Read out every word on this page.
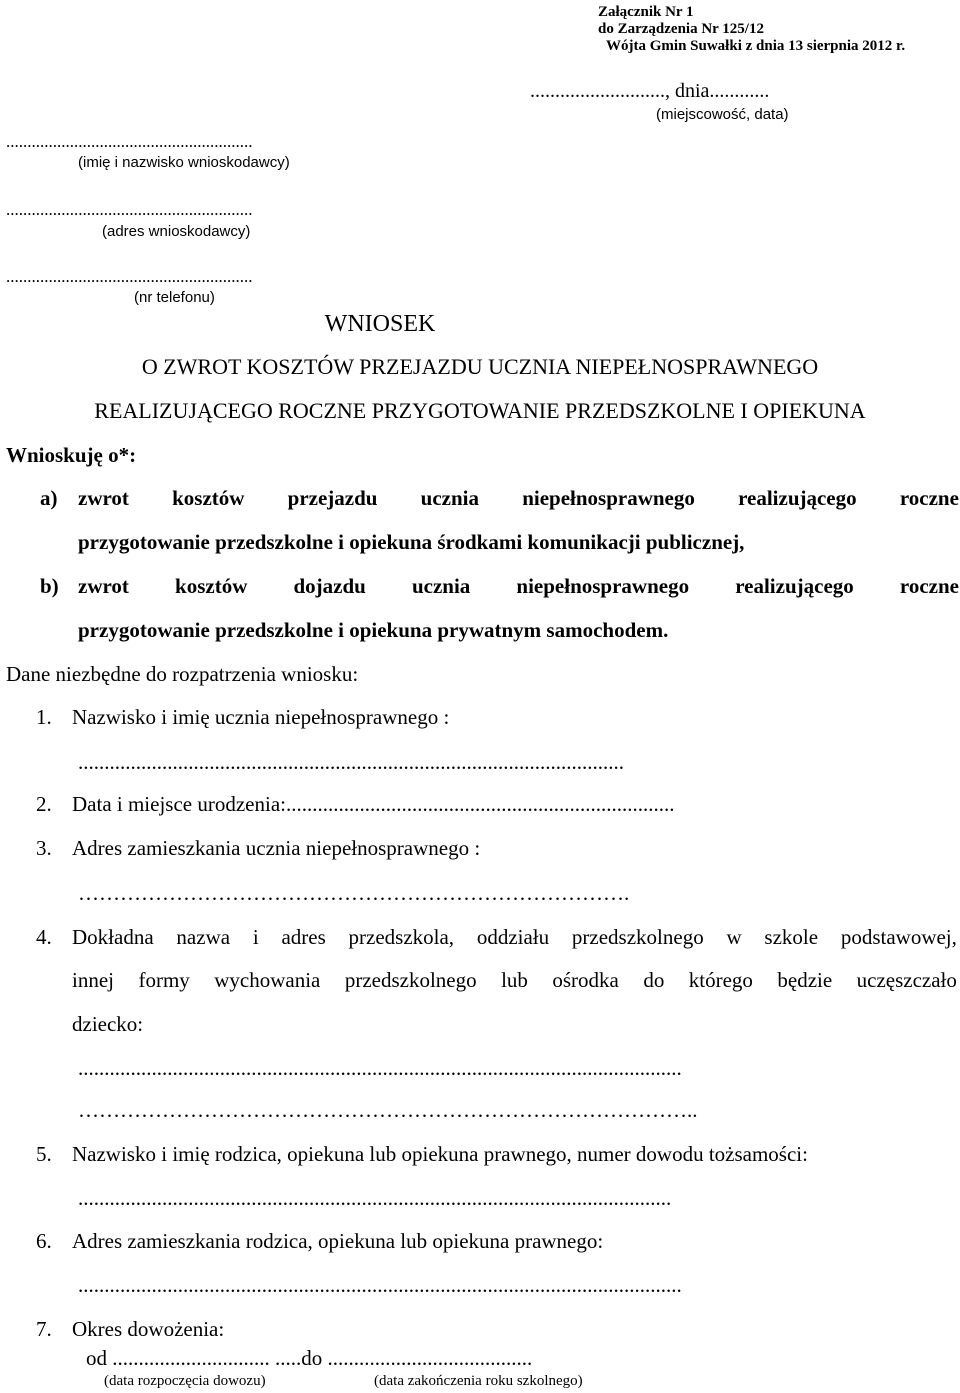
Załącznik Nr 1
do Zarządzenia Nr 125/12
Wójta Gmin Suwałki z dnia 13 sierpnia 2012 r.
..........................., dnia............
(miejscowość, data)
..........................................................
(imię i nazwisko wnioskodawcy)
..........................................................
(adres wnioskodawcy)
..........................................................
(nr telefonu)
WNIOSEK
O ZWROT KOSZTÓW PRZEJAZDU UCZNIA NIEPEŁNOSPRAWNEGO
REALIZUJĄCEGO ROCZNE PRZYGOTOWANIE PRZEDSZKOLNE I OPIEKUNA
Wnioskuję o*:
a) zwrot kosztów przejazdu ucznia niepełnosprawnego realizującego roczne
przygotowanie przedszkolne i opiekuna środkami komunikacji publicznej,
b) zwrot kosztów dojazdu ucznia niepełnosprawnego realizującego roczne
przygotowanie przedszkolne i opiekuna prywatnym samochodem.
Dane niezbędne do rozpatrzenia wniosku:
1. Nazwisko i imię ucznia niepełnosprawnego :
........................................................................................................
2. Data i miejsce urodzenia:..........................................................................
3. Adres zamieszkania ucznia niepełnosprawnego :
…………………………………………………………………….
4. Dokładna nazwa i adres przedszkola, oddziału przedszkolnego w szkole podstawowej,
innej formy wychowania przedszkolnego lub ośrodka do którego będzie uczęszczało
dziecko:
...................................................................................................................
……………………………………………………………………………..
5. Nazwisko i imię rodzica, opiekuna lub opiekuna prawnego, numer dowodu tożsamości:
.................................................................................................................
6. Adres zamieszkania rodzica, opiekuna lub opiekuna prawnego:
...................................................................................................................
7. Okres dowożenia:
od .............................. .....do .......................................
(data rozpoczęcia dowozu)	(data zakończenia roku szkolnego)
